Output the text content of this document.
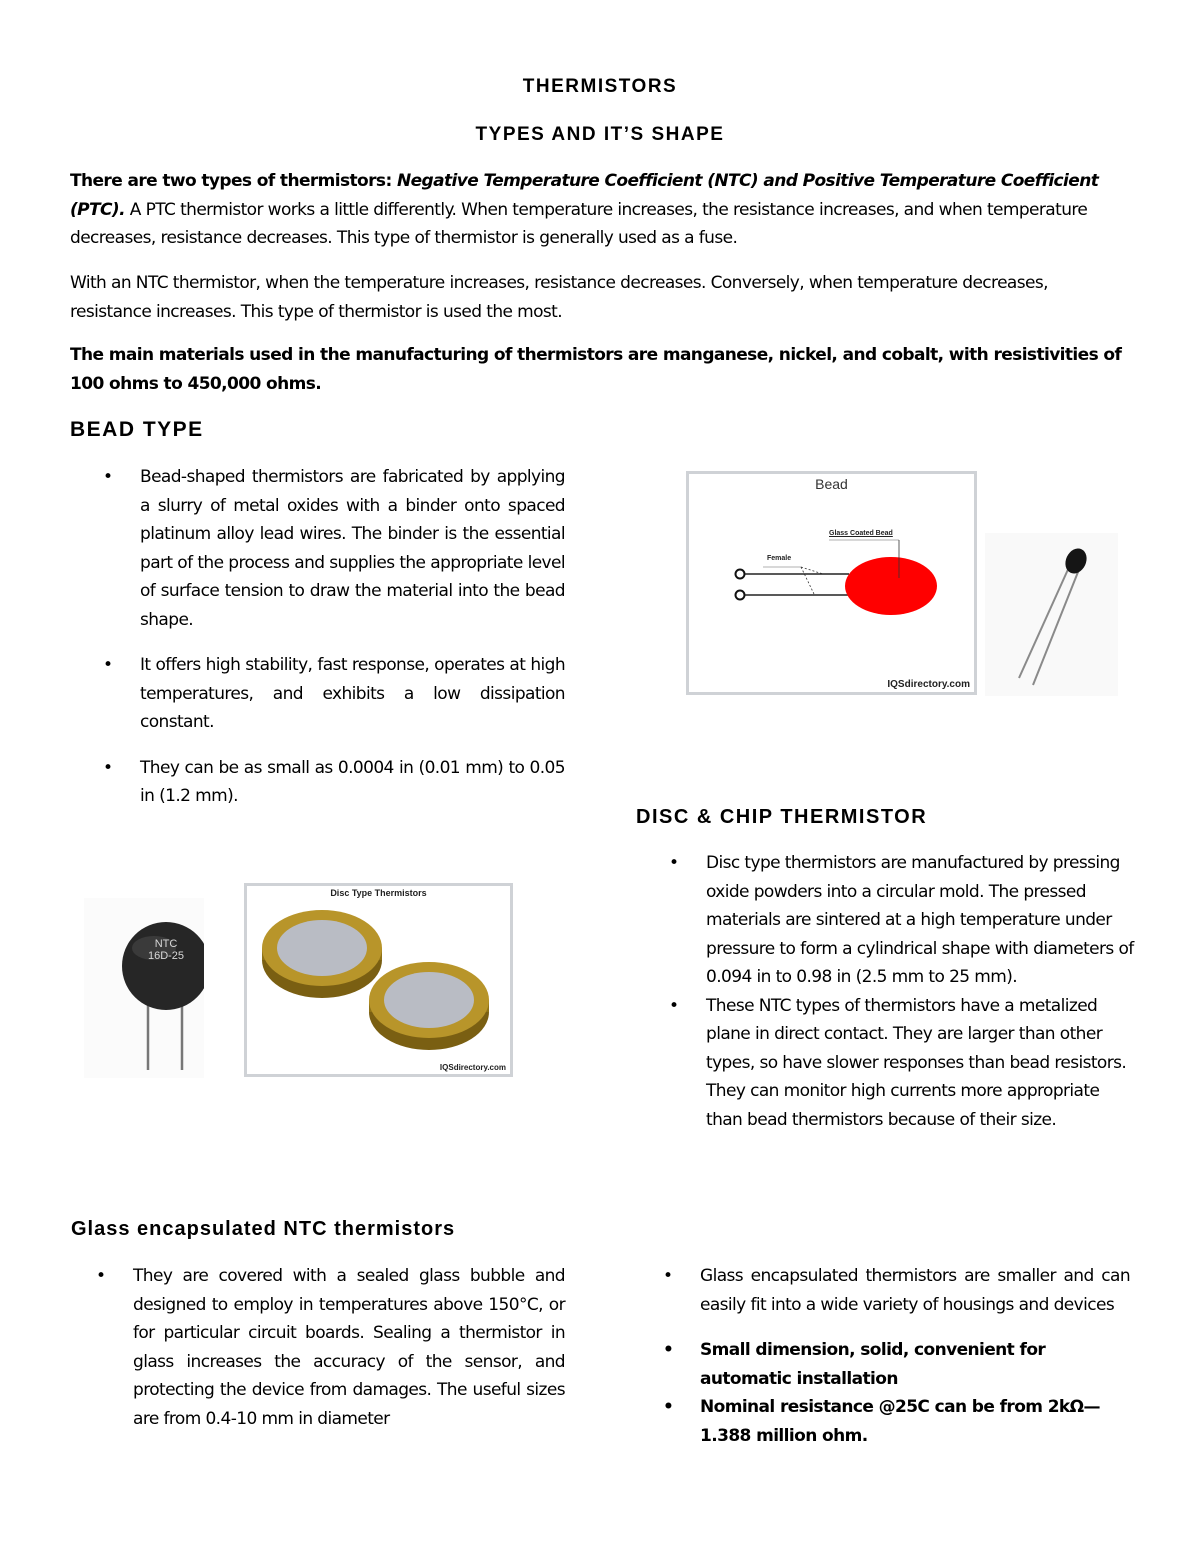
THERMISTORS
TYPES AND IT’S SHAPE
There are two types of thermistors: Negative Temperature Coefficient (NTC) and Positive Temperature Coefficient (PTC). A PTC thermistor works a little differently. When temperature increases, the resistance increases, and when temperature decreases, resistance decreases. This type of thermistor is generally used as a fuse.
With an NTC thermistor, when the temperature increases, resistance decreases. Conversely, when temperature decreases, resistance increases. This type of thermistor is used the most.
The main materials used in the manufacturing of thermistors are manganese, nickel, and cobalt, with resistivities of 100 ohms to 450,000 ohms.
BEAD TYPE
• Bead-shaped thermistors are fabricated by applying a slurry of metal oxides with a binder onto spaced platinum alloy lead wires. The binder is the essential part of the process and supplies the appropriate level of surface tension to draw the material into the bead shape.
• It offers high stability, fast response, operates at high temperatures, and exhibits a low dissipation constant.
• They can be as small as 0.0004 in (0.01 mm) to 0.05 in (1.2 mm).
Bead
Glass Coated Bead
Female
IQSdirectory.com
DISC & CHIP THERMISTOR
• Disc type thermistors are manufactured by pressing oxide powders into a circular mold. The pressed materials are sintered at a high temperature under pressure to form a cylindrical shape with diameters of 0.094 in to 0.98 in (2.5 mm to 25 mm).
• These NTC types of thermistors have a metalized plane in direct contact. They are larger than other types, so have slower responses than bead resistors. They can monitor high currents more appropriate than bead thermistors because of their size.
NTC
16D-25
Disc Type Thermistors
IQSdirectory.com
Glass encapsulated NTC thermistors
• They are covered with a sealed glass bubble and designed to employ in temperatures above 150°C, or for particular circuit boards. Sealing a thermistor in glass increases the accuracy of the sensor, and protecting the device from damages. The useful sizes are from 0.4-10 mm in diameter
• Glass encapsulated thermistors are smaller and can easily fit into a wide variety of housings and devices
• Small dimension, solid, convenient for automatic installation
• Nominal resistance @25C can be from 2kΩ— 1.388 million ohm.
